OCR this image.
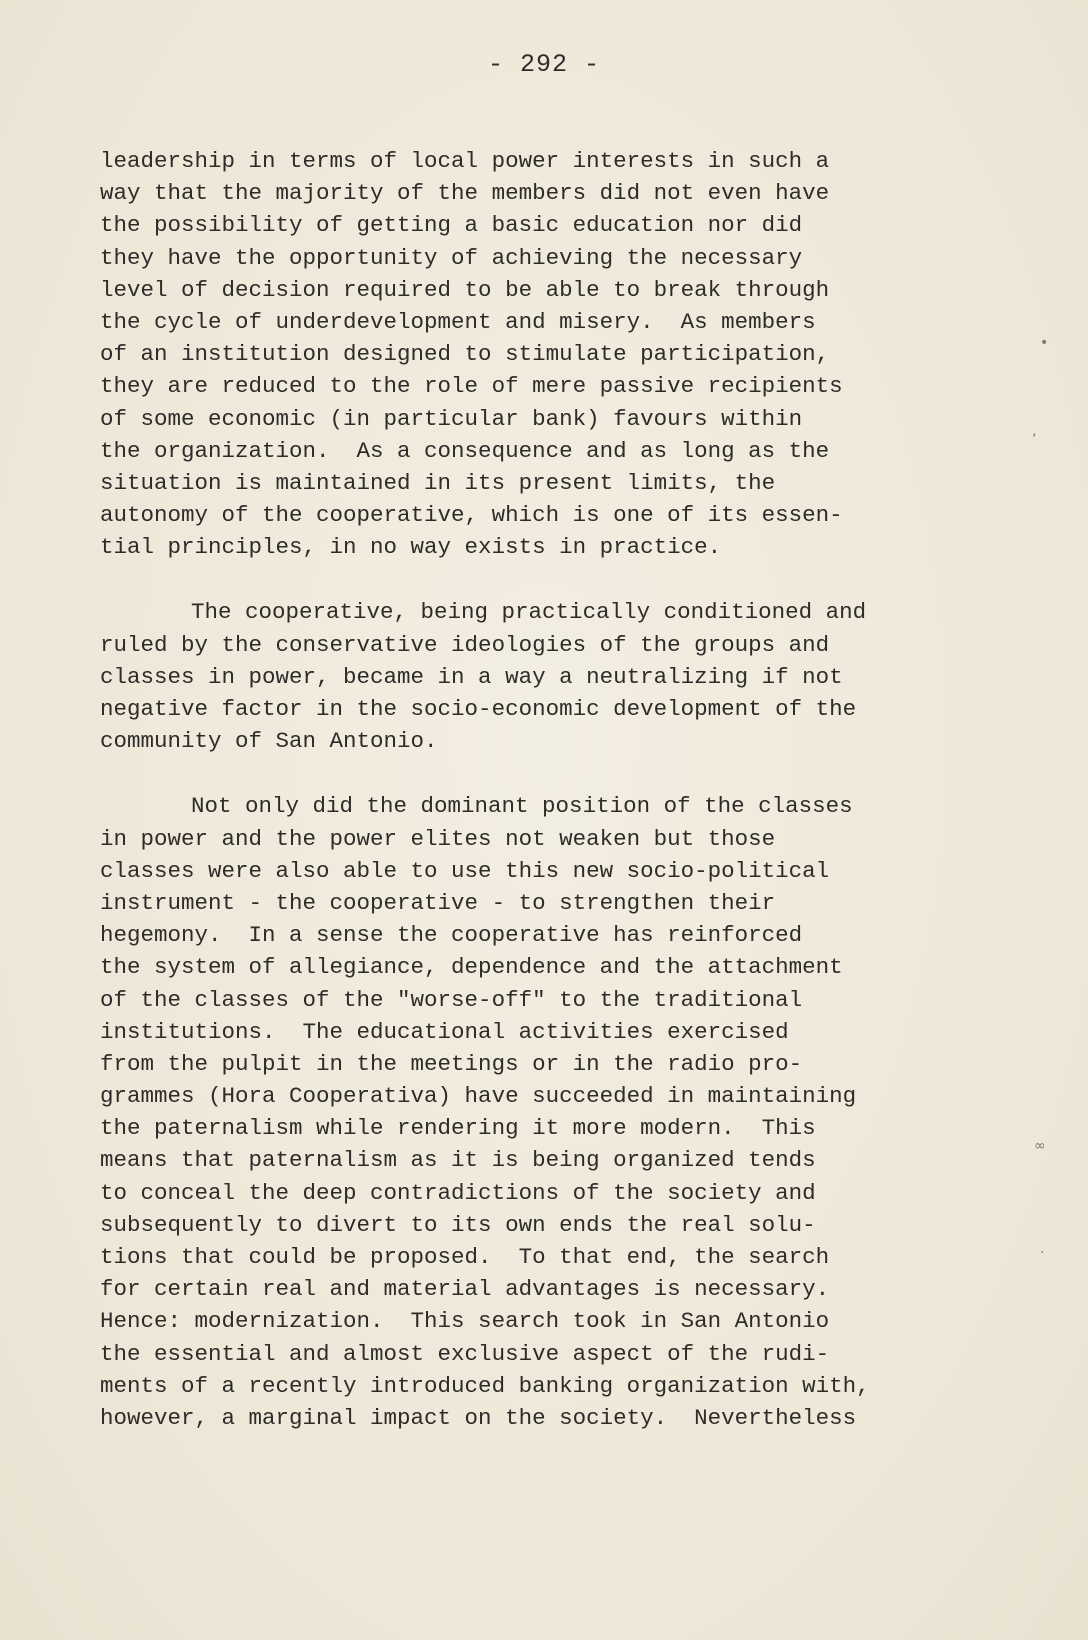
- 292 -
leadership in terms of local power interests in such a
way that the majority of the members did not even have
the possibility of getting a basic education nor did
they have the opportunity of achieving the necessary
level of decision required to be able to break through
the cycle of underdevelopment and misery.  As members
of an institution designed to stimulate participation,
they are reduced to the role of mere passive recipients
of some economic (in particular bank) favours within
the organization.  As a consequence and as long as the
situation is maintained in its present limits, the
autonomy of the cooperative, which is one of its essen-
tial principles, in no way exists in practice.
The cooperative, being practically conditioned and
ruled by the conservative ideologies of the groups and
classes in power, became in a way a neutralizing if not
negative factor in the socio-economic development of the
community of San Antonio.
Not only did the dominant position of the classes
in power and the power elites not weaken but those
classes were also able to use this new socio-political
instrument - the cooperative - to strengthen their
hegemony.  In a sense the cooperative has reinforced
the system of allegiance, dependence and the attachment
of the classes of the "worse-off" to the traditional
institutions.  The educational activities exercised
from the pulpit in the meetings or in the radio pro-
grammes (Hora Cooperativa) have succeeded in maintaining
the paternalism while rendering it more modern.  This
means that paternalism as it is being organized tends
to conceal the deep contradictions of the society and
subsequently to divert to its own ends the real solu-
tions that could be proposed.  To that end, the search
for certain real and material advantages is necessary.
Hence: modernization.  This search took in San Antonio
the essential and almost exclusive aspect of the rudi-
ments of a recently introduced banking organization with,
however, a marginal impact on the society.  Nevertheless
•
’
∞
·
